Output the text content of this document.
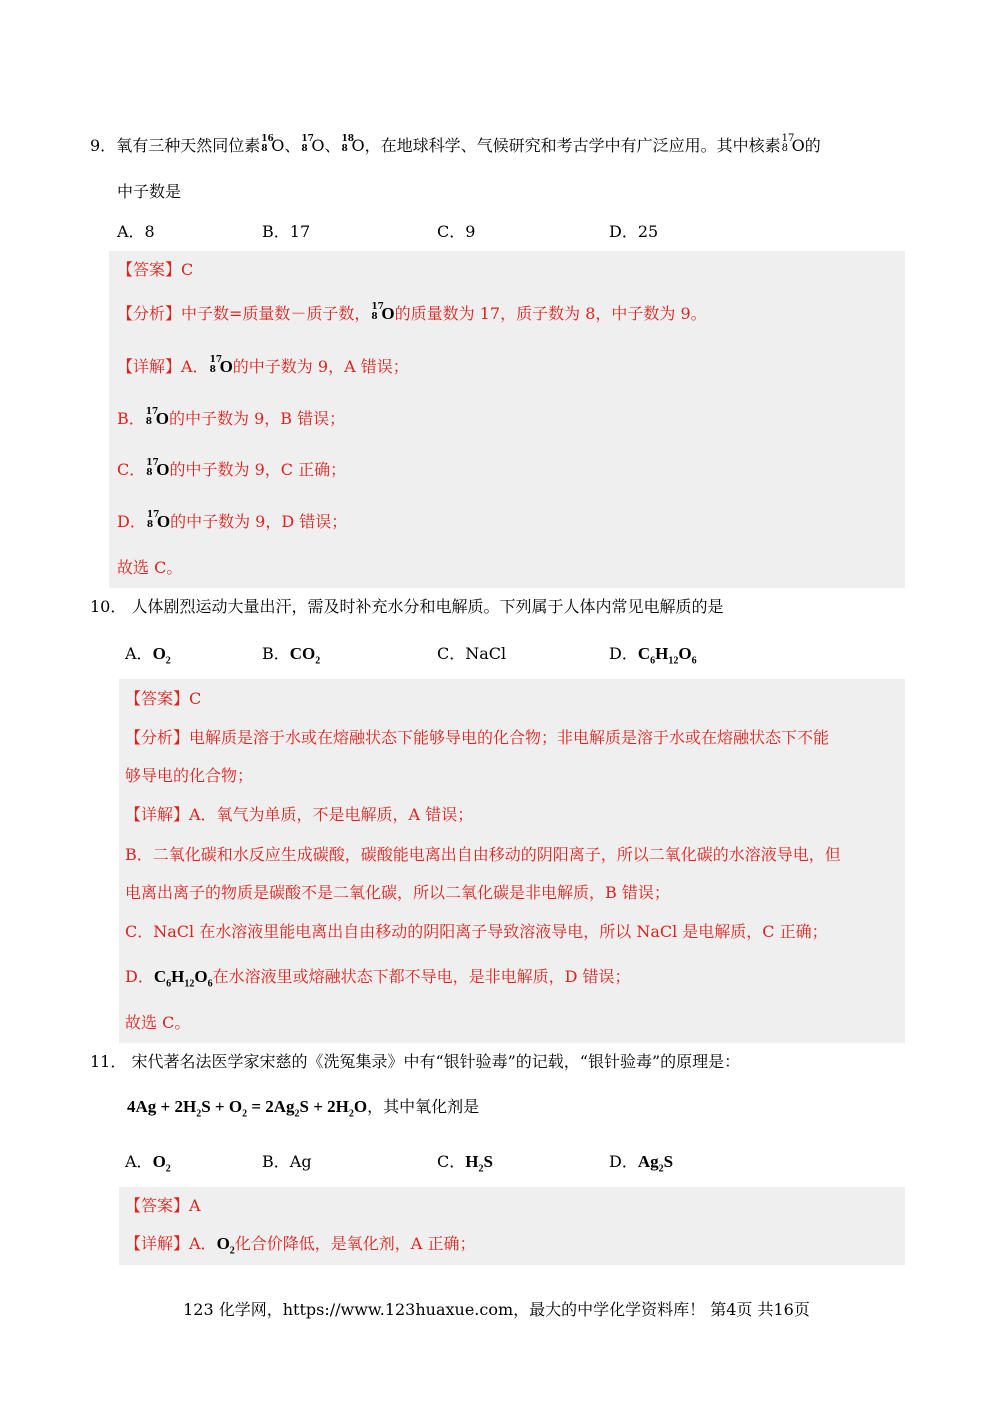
9．氧有三种天然同位素 16
8 O、 17
8 O、 18
8 O，在地球科学、气候研究和考古学中有广泛应用。其中核素 17
8 O的
中子数是
A．8	B．17	C．9	D．25
【答案】C
【分析】中子数=质量数－质子数， 17
8 O的质量数为 17，质子数为 8，中子数为 9。
【详解】A． 17
8 O的中子数为 9，A 错误；
B． 17
8 O的中子数为 9，B 错误；
C． 17
8 O的中子数为 9，C 正确；
D． 17
8 O的中子数为 9，D 错误；
故选 C。
10． 人体剧烈运动大量出汗，需及时补充水分和电解质。下列属于人体内常见电解质的是
A．$O_2$	B．$CO_2$	C．NaCl	D．$C_6H_{12}O_6$
【答案】C
【分析】电解质是溶于水或在熔融状态下能够导电的化合物；非电解质是溶于水或在熔融状态下不能
够导电的化合物；
【详解】A．氧气为单质，不是电解质，A 错误；
B．二氧化碳和水反应生成碳酸，碳酸能电离出自由移动的阴阳离子，所以二氧化碳的水溶液导电，但
电离出离子的物质是碳酸不是二氧化碳，所以二氧化碳是非电解质，B 错误；
C．NaCl 在水溶液里能电离出自由移动的阴阳离子导致溶液导电，所以 NaCl 是电解质，C 正确；
D．$C_6H_{12}O_6$在水溶液里或熔融状态下都不导电，是非电解质，D 错误；
故选 C。
11． 宋代著名法医学家宋慈的《洗冤集录》中有“银针验毒”的记载，“银针验毒”的原理是：
$4Ag + 2H_2S + O_2 = 2Ag_2S + 2H_2O$，其中氧化剂是
A．$O_2$	B．Ag	C．$H_2S$	D．$Ag_2S$
【答案】A
【详解】A．$O_2$化合价降低，是氧化剂，A 正确；
123 化学网，https://www.123huaxue.com，最大的中学化学资料库！ 第4页 共16页
